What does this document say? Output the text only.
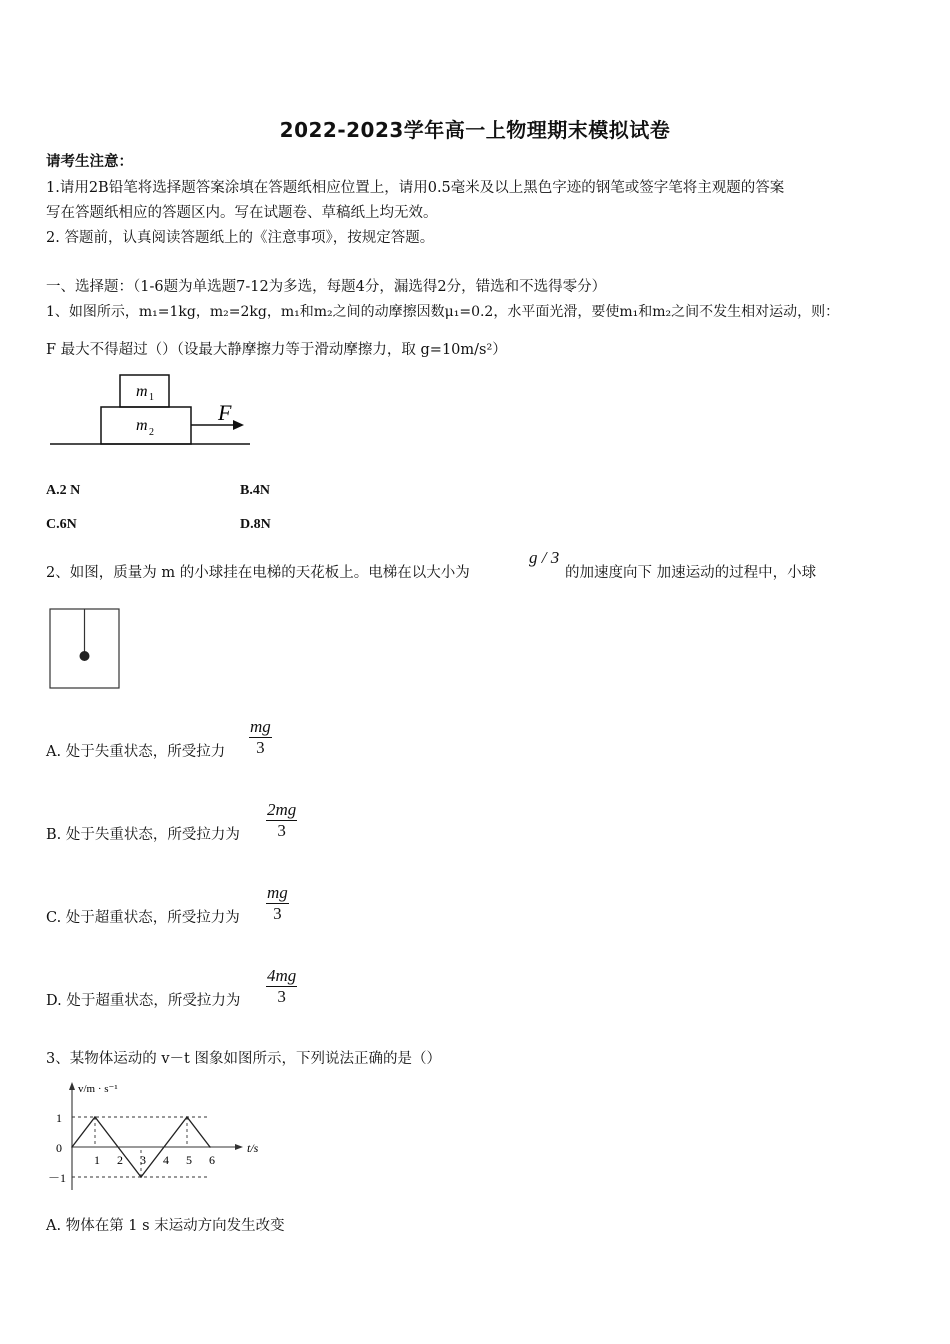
2022-2023学年高一上物理期末模拟试卷
请考生注意：
1.请用2B铅笔将选择题答案涂填在答题纸相应位置上，请用0.5毫米及以上黑色字迹的钢笔或签字笔将主观题的答案
写在答题纸相应的答题区内。写在试题卷、草稿纸上均无效。
2. 答题前，认真阅读答题纸上的《注意事项》，按规定答题。
一、选择题：（1-6题为单选题7-12为多选，每题4分，漏选得2分，错选和不选得零分）
1、如图所示，m₁=1kg，m₂=2kg，m₁和m₂之间的动摩擦因数μ₁=0.2，水平面光滑，要使m₁和m₂之间不发生相对运动，则：
F 最大不得超过（）（设最大静摩擦力等于滑动摩擦力，取 g=10m/s²）
m 1
m 2
F
A.2 N	B.4N
C.6N	D.8N
2、如图，质量为 m 的小球挂在电梯的天花板上。电梯在以大小为
g / 3
的加速度向下 加速运动的过程中，小球
A. 处于失重状态，所受拉力 $\frac{mg}{3}$
B. 处于失重状态，所受拉力为 $\frac{2mg}{3}$
C. 处于超重状态，所受拉力为 $\frac{mg}{3}$
D. 处于超重状态，所受拉力为 $\frac{4mg}{3}$
3、某物体运动的 v－t 图象如图所示，下列说法正确的是（）
1 2 3 4 5 6
1
0
－1
t/s
v/m · s⁻¹
A. 物体在第 1 s 末运动方向发生改变
